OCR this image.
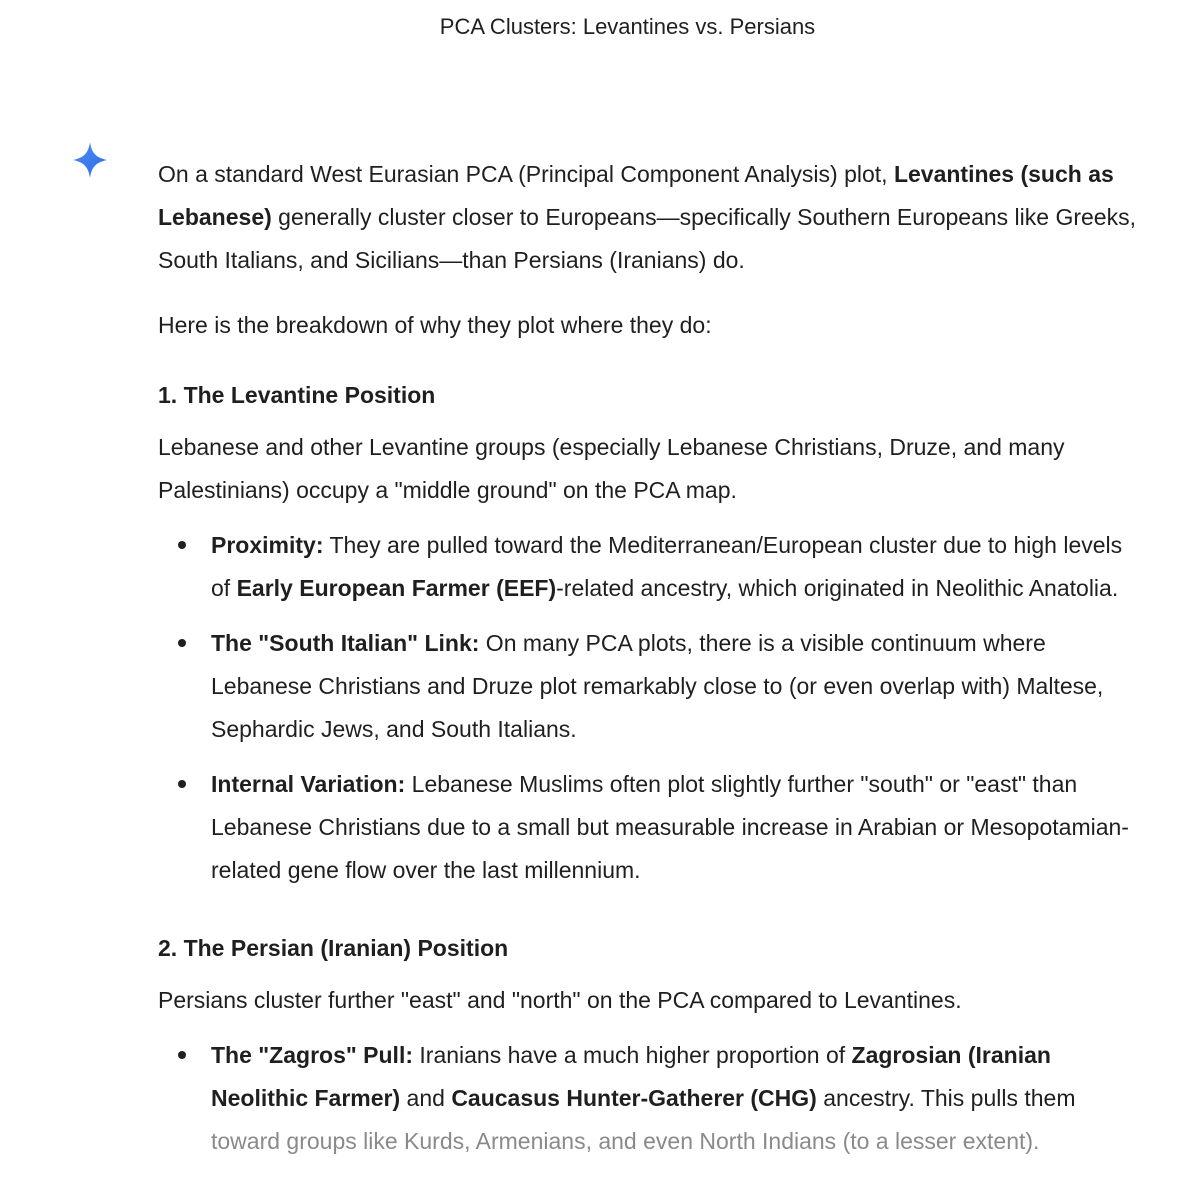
PCA Clusters: Levantines vs. Persians

On a standard West Eurasian PCA (Principal Component Analysis) plot, Levantines (such as
Lebanese) generally cluster closer to Europeans—specifically Southern Europeans like Greeks,
South Italians, and Sicilians—than Persians (Iranians) do.

Here is the breakdown of why they plot where they do:

1. The Levantine Position

Lebanese and other Levantine groups (especially Lebanese Christians, Druze, and many
Palestinians) occupy a "middle ground" on the PCA map.

Proximity: They are pulled toward the Mediterranean/European cluster due to high levels
of Early European Farmer (EEF)-related ancestry, which originated in Neolithic Anatolia.
The "South Italian" Link: On many PCA plots, there is a visible continuum where
Lebanese Christians and Druze plot remarkably close to (or even overlap with) Maltese,
Sephardic Jews, and South Italians.
Internal Variation: Lebanese Muslims often plot slightly further "south" or "east" than
Lebanese Christians due to a small but measurable increase in Arabian or Mesopotamian-
related gene flow over the last millennium.
2. The Persian (Iranian) Position

Persians cluster further "east" and "north" on the PCA compared to Levantines.

The "Zagros" Pull: Iranians have a much higher proportion of Zagrosian (Iranian
Neolithic Farmer) and Caucasus Hunter-Gatherer (CHG) ancestry. This pulls them
toward groups like Kurds, Armenians, and even North Indians (to a lesser extent).
